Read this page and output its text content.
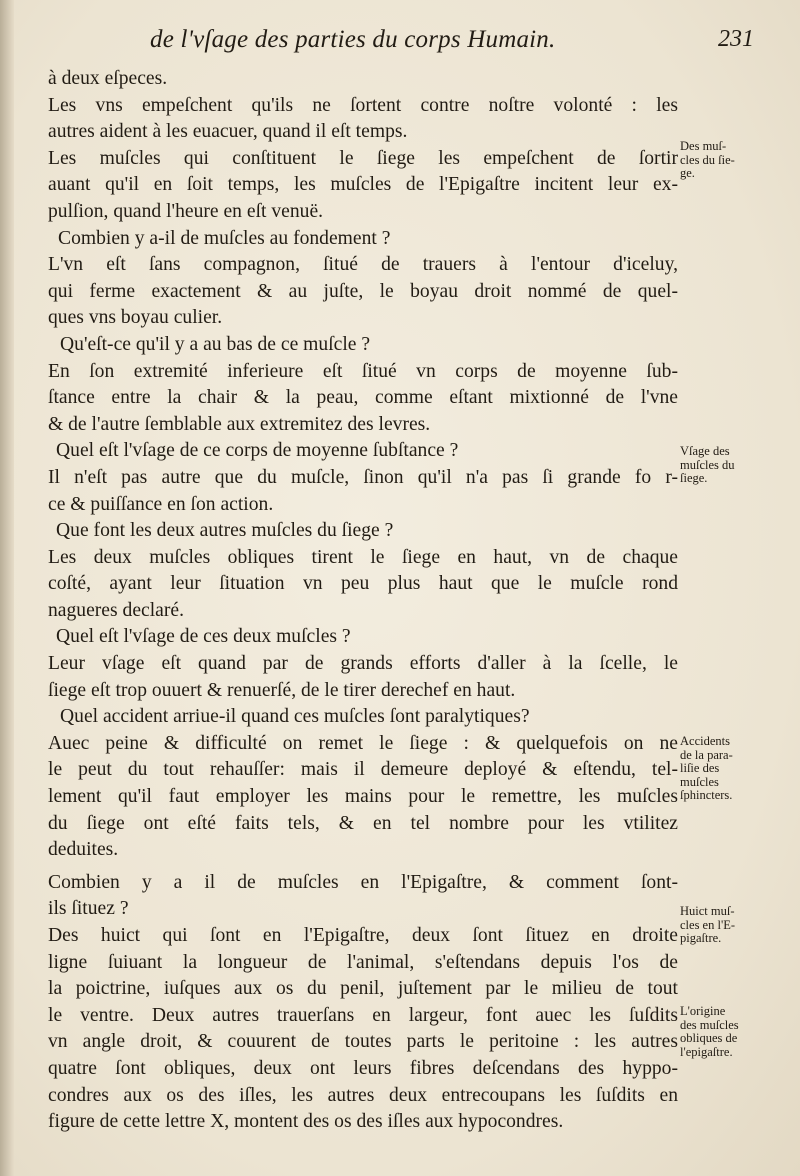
de l'vſage des parties du corps Humain.	231
à deux eſpeces.
Les vns empeſchent qu'ils ne ſortent contre noſtre volonté : les
autres aident à les euacuer, quand il eſt temps.
Les muſcles qui conſtituent le ſiege les empeſchent de ſortir
auant qu'il en ſoit temps, les muſcles de l'Epigaſtre incitent leur ex-
pulſion, quand l'heure en eſt venuë.
Combien y a-il de muſcles au fondement ?
L'vn eſt ſans compagnon, ſitué de trauers à l'entour d'iceluy,
qui ferme exactement & au juſte, le boyau droit nommé de quel-
ques vns boyau culier.
Qu'eſt-ce qu'il y a au bas de ce muſcle ?
En ſon extremité inferieure eſt ſitué vn corps de moyenne ſub-
ſtance entre la chair & la peau, comme eſtant mixtionné de l'vne
& de l'autre ſemblable aux extremitez des levres.
Quel eſt l'vſage de ce corps de moyenne ſubſtance ?
Il n'eſt pas autre que du muſcle, ſinon qu'il n'a pas ſi grande fo r-
ce & puiſſance en ſon action.
Que font les deux autres muſcles du ſiege ?
Les deux muſcles obliques tirent le ſiege en haut, vn de chaque
coſté, ayant leur ſituation vn peu plus haut que le muſcle rond
nagueres declaré.
Quel eſt l'vſage de ces deux muſcles ?
Leur vſage eſt quand par de grands efforts d'aller à la ſcelle, le
ſiege eſt trop ouuert & renuerſé, de le tirer derechef en haut.
Quel accident arriue-il quand ces muſcles ſont paralytiques?
Auec peine & difficulté on remet le ſiege : & quelquefois on ne
le peut du tout rehauſſer: mais il demeure deployé & eſtendu, tel-
lement qu'il faut employer les mains pour le remettre, les muſcles
du ſiege ont eſté faits tels, & en tel nombre pour les vtilitez
deduites.
Combien y a il de muſcles en l'Epigaſtre, & comment ſont-
ils ſituez ?
Des huict qui ſont en l'Epigaſtre, deux ſont ſituez en droite
ligne ſuiuant la longueur de l'animal, s'eſtendans depuis l'os de
la poictrine, iuſques aux os du penil, juſtement par le milieu de tout
le ventre. Deux autres trauerſans en largeur, font auec les ſuſdits
vn angle droit, & couurent de toutes parts le peritoine : les autres
quatre ſont obliques, deux ont leurs fibres deſcendans des hyppo-
condres aux os des iſles, les autres deux entrecoupans les ſuſdits en
figure de cette lettre X, montent des os des iſles aux hypocondres.
Des muſ-
cles du ſie-
ge.
Vſage des
muſcles du
ſiege.
Accidents
de la para-
liſie des
muſcles
ſphincters.
Huict muſ-
cles en l'E-
pigaſtre.
L'origine
des muſcles
obliques de
l'epigaſtre.
